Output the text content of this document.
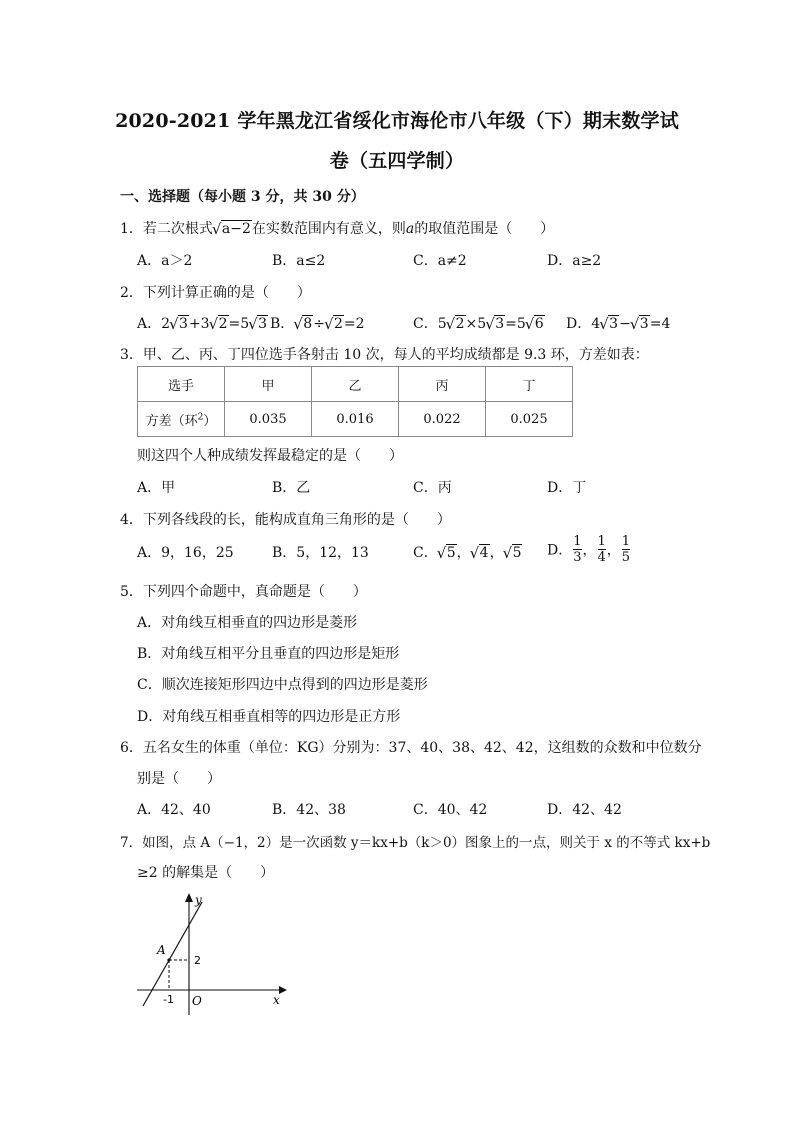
2020-2021 学年黑龙江省绥化市海伦市八年级（下）期末数学试
卷（五四学制）
一、选择题（每小题 3 分，共 30 分）
1．若二次根式 √ a−2在实数范围内有意义，则a的取值范围是（　　）
A．a＞2	B．a≤2	C．a≠2	D．a≥2
2．下列计算正确的是（　　）
A．2 √ 3+3 √ 2=5 √ 3 B． √ 8÷ √ 2=2	C．5 √ 2×5 √ 3=5 √ 6 D．4 √ 3− √ 3=4
3．甲、乙、丙、丁四位选手各射击 10 次，每人的平均成绩都是 9.3 环，方差如表：
选手	甲	乙	丙	丁
方差（环$^2$）	0.035	0.016	0.022	0.025
则这四个人种成绩发挥最稳定的是（　　）
A．甲	B．乙	C．丙	D．丁
4．下列各线段的长，能构成直角三角形的是（　　）
A．9，16，25	B．5，12，13	C． √ 5， √ 4， √ 5 D． $\frac{1}{3}$ ， $\frac{1}{4}$ ， $\frac{1}{5}$
5．下列四个命题中，真命题是（　　）
A．对角线互相垂直的四边形是菱形
B．对角线互相平分且垂直的四边形是矩形
C．顺次连接矩形四边中点得到的四边形是菱形
D．对角线互相垂直相等的四边形是正方形
6．五名女生的体重（单位：KG）分别为：37、40、38、42、42，这组数的众数和中位数分
别是（　　）
A．42、40	B．42、38	C．40、42	D．42、42
7．如图，点 A（−1，2）是一次函数 y＝kx+b（k＞0）图象上的一点，则关于 x 的不等式 kx+b
≥2 的解集是（　　）
y
x
O
A
-1
2
